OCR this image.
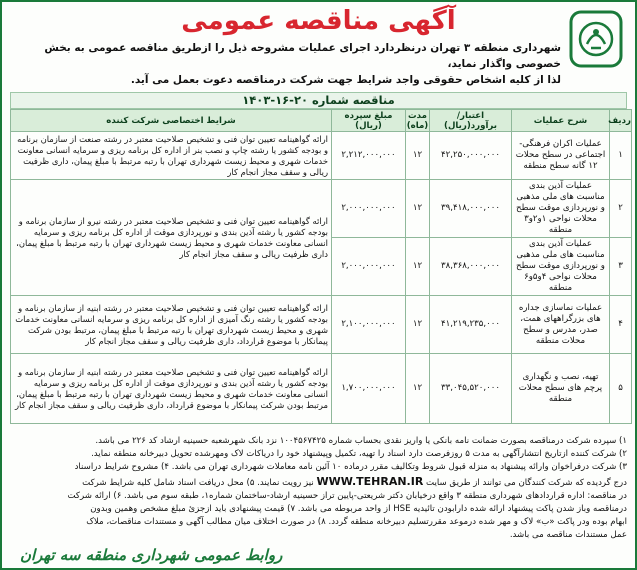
آگهی مناقصه عمومی
شهرداری منطقه ۳ تهران درنظردارد اجرای عملیات مشروحه ذیل را ازطریق مناقصه عمومی به بخش خصوصی واگذار نماید،
لذا از کلیه اشخاص حقوقی واجد شرایط جهت شرکت درمناقصه دعوت بعمل می آید.
مناقصه شماره ۲۰-۱۶-۱۴۰۳
ردیف	شرح عملیات	اعتبار/ برآورد(ریال)	مدت (ماه)	مبلغ سپرده (ریال)	شرایط اختصاصی شرکت کننده
۱	عملیات اکران فرهنگی- اجتماعی در سطح محلات ۱۲ گانه سطح منطقه	۴۲,۲۵۰,۰۰۰,۰۰۰	۱۲	۲,۲۱۲,۰۰۰,۰۰۰	ارائه گواهینامه تعیین توان فنی و تشخیص صلاحیت معتبر در رشته صنعت از سازمان برنامه و بودجه کشور یا رشته چاپ و نصب بنر از اداره کل برنامه ریزی و سرمایه انسانی معاونت خدمات شهری و محیط زیست شهرداری تهران با رتبه مرتبط با مبلغ پیمان، داری ظرفیت ریالی و سقف مجاز انجام کار
۲	عملیات آذین بندی مناسبت های ملی مذهبی و نورپردازی موقت سطح محلات نواحی ۱و۲و۳ منطقه	۳۹,۴۱۸,۰۰۰,۰۰۰	۱۲	۲,۰۰۰,۰۰۰,۰۰۰	ارائه گواهینامه تعیین توان فنی و تشخیص صلاحیت معتبر در رشته نیرو از سازمان برنامه و بودجه کشور یا رشته آذین بندی و نورپردازی موقت از اداره کل برنامه ریزی و سرمایه انسانی معاونت خدمات شهری و محیط زیست شهرداری تهران با رتبه مرتبط با مبلغ پیمان، داری ظرفیت ریالی و سقف مجاز انجام کار
۳	عملیات آذین بندی مناسبت های ملی مذهبی و نورپردازی موقت سطح محلات نواحی ۴و۵و۶ منطقه	۳۸,۳۶۸,۰۰۰,۰۰۰	۱۲	۲,۰۰۰,۰۰۰,۰۰۰	
۴	عملیات نماسازی جداره های بزرگراههای همت، صدر، مدرس و سطح محلات منطقه	۴۱,۲۱۹,۲۳۵,۰۰۰	۱۲	۲,۱۰۰,۰۰۰,۰۰۰	ارائه گواهینامه تعیین توان فنی و تشخیص صلاحیت معتبر در رشته ابنیه از سازمان برنامه و بودجه کشور یا رشته رنگ آمیزی از اداره کل برنامه ریزی و سرمایه انسانی معاونت خدمات شهری و محیط زیست شهرداری تهران با رتبه مرتبط با مبلغ پیمان، مرتبط بودن شرکت پیمانکار با موضوع قرارداد، داری ظرفیت ریالی و سقف مجاز انجام کار
۵	تهیه، نصب و نگهداری پرچم های سطح محلات منطقه	۳۳,۰۴۵,۵۲۰,۰۰۰	۱۲	۱,۷۰۰,۰۰۰,۰۰۰	ارائه گواهینامه تعیین توان فنی و تشخیص صلاحیت معتبر در رشته ابنیه از سازمان برنامه و بودجه کشور یا رشته آذین بندی و نورپردازی موقت از اداره کل برنامه ریزی و سرمایه انسانی معاونت خدمات شهری و محیط زیست شهرداری تهران با رتبه مرتبط با مبلغ پیمان، مرتبط بودن شرکت پیمانکار با موضوع قرارداد، داری ظرفیت ریالی و سقف مجاز انجام کار

۱) سپرده شرکت درمناقصه بصورت ضمانت نامه بانکی یا واریز نقدی بحساب شماره ۱۰۰۴۵۶۷۴۲۵ نزد بانک شهرشعبه حسینیه ارشاد کد ۲۲۶ می باشد.

۲) شرکت کننده ازتاریخ انتشارآگهی به مدت ۵ روزفرصت دارد اسناد را تهیه، تکمیل وپیشنهاد خود را دریاکات لاک ومهرشده تحویل دبیرخانه منطقه نماید.

۳) شرکت درفراخوان وارائه پیشنهاد به منزله قبول شروط وتکالیف مقرر درماده ۱۰ آئین نامه معاملات شهرداری تهران می باشد. ۴) مشروح شرایط دراسناد

درج گردیده که شرکت کنندگان می توانند از طریق سایت WWW.TEHRAN.IR نیز رویت نمایند. ۵) محل دریافت اسناد شامل کلیه شرایط شرکت

در مناقصه: اداره قراردادهای شهرداری منطقه ۳ واقع درخیابان دکتر شریعتی-پایین تراز حسینیه ارشاد-ساختمان شماره۱، طبقه سوم می باشد. ۶) ارائه شرکت

درمناقصه وباز شدن پاکت پیشنهاد ارائه شده دارابودن تائیدیه HSE از واحد مربوطه می باشد. ۷) قیمت پیشنهادی باید ازجزئ مبلغ مشخص وهمین وبدون

ابهام بوده ودر پاکت «ب» لاک و مهر شده درموعد مقررتسلیم دبیرخانه منطقه گردد. ۸) در صورت اختلاف میان مطالب آگهی و مستندات مناقصات، ملاک

عمل مستندات مناقصه می باشد.

روابط عمومی شهرداری منطقه سه تهران
